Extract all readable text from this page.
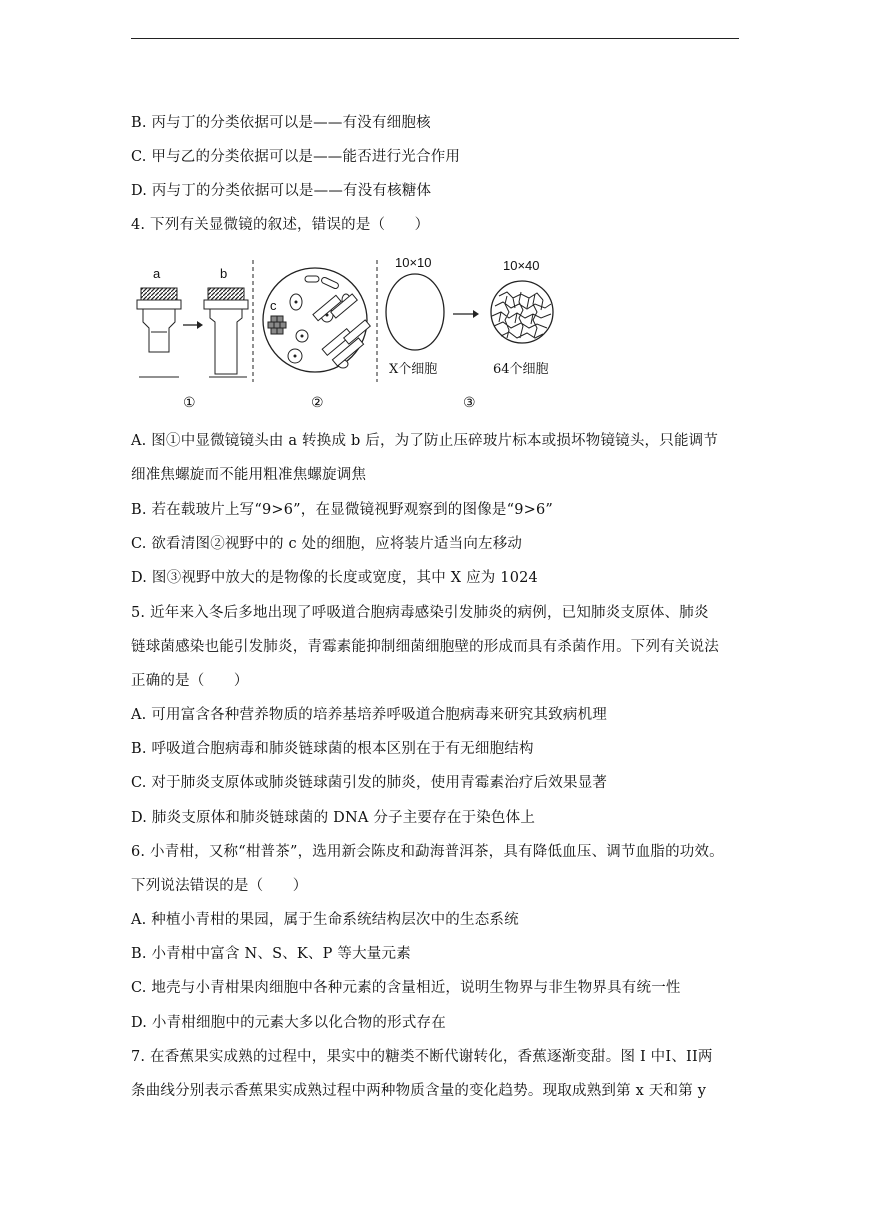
B. 丙与丁的分类依据可以是——有没有细胞核
C. 甲与乙的分类依据可以是——能否进行光合作用
D. 丙与丁的分类依据可以是——有没有核糖体
4. 下列有关显微镜的叙述，错误的是（　　）
a	b
c
10×10	10×40
X个细胞	64个细胞
①	②	③
A. 图①中显微镜镜头由 a 转换成 b 后，为了防止压碎玻片标本或损坏物镜镜头，只能调节
细准焦螺旋而不能用粗准焦螺旋调焦
B. 若在载玻片上写“9>6”，在显微镜视野观察到的图像是“9>6”
C. 欲看清图②视野中的 c 处的细胞，应将装片适当向左移动
D. 图③视野中放大的是物像的长度或宽度，其中 X 应为 1024
5. 近年来入冬后多地出现了呼吸道合胞病毒感染引发肺炎的病例，已知肺炎支原体、肺炎
链球菌感染也能引发肺炎，青霉素能抑制细菌细胞壁的形成而具有杀菌作用。下列有关说法
正确的是（　　）
A. 可用富含各种营养物质的培养基培养呼吸道合胞病毒来研究其致病机理
B. 呼吸道合胞病毒和肺炎链球菌的根本区别在于有无细胞结构
C. 对于肺炎支原体或肺炎链球菌引发的肺炎，使用青霉素治疗后效果显著
D. 肺炎支原体和肺炎链球菌的 DNA 分子主要存在于染色体上
6. 小青柑，又称“柑普茶”，选用新会陈皮和勐海普洱茶，具有降低血压、调节血脂的功效。
下列说法错误的是（　　）
A. 种植小青柑的果园，属于生命系统结构层次中的生态系统
B. 小青柑中富含 N、S、K、P 等大量元素
C. 地壳与小青柑果肉细胞中各种元素的含量相近，说明生物界与非生物界具有统一性
D. 小青柑细胞中的元素大多以化合物的形式存在
7. 在香蕉果实成熟的过程中，果实中的糖类不断代谢转化，香蕉逐渐变甜。图 I 中I、II两
条曲线分别表示香蕉果实成熟过程中两种物质含量的变化趋势。现取成熟到第 x 天和第 y
